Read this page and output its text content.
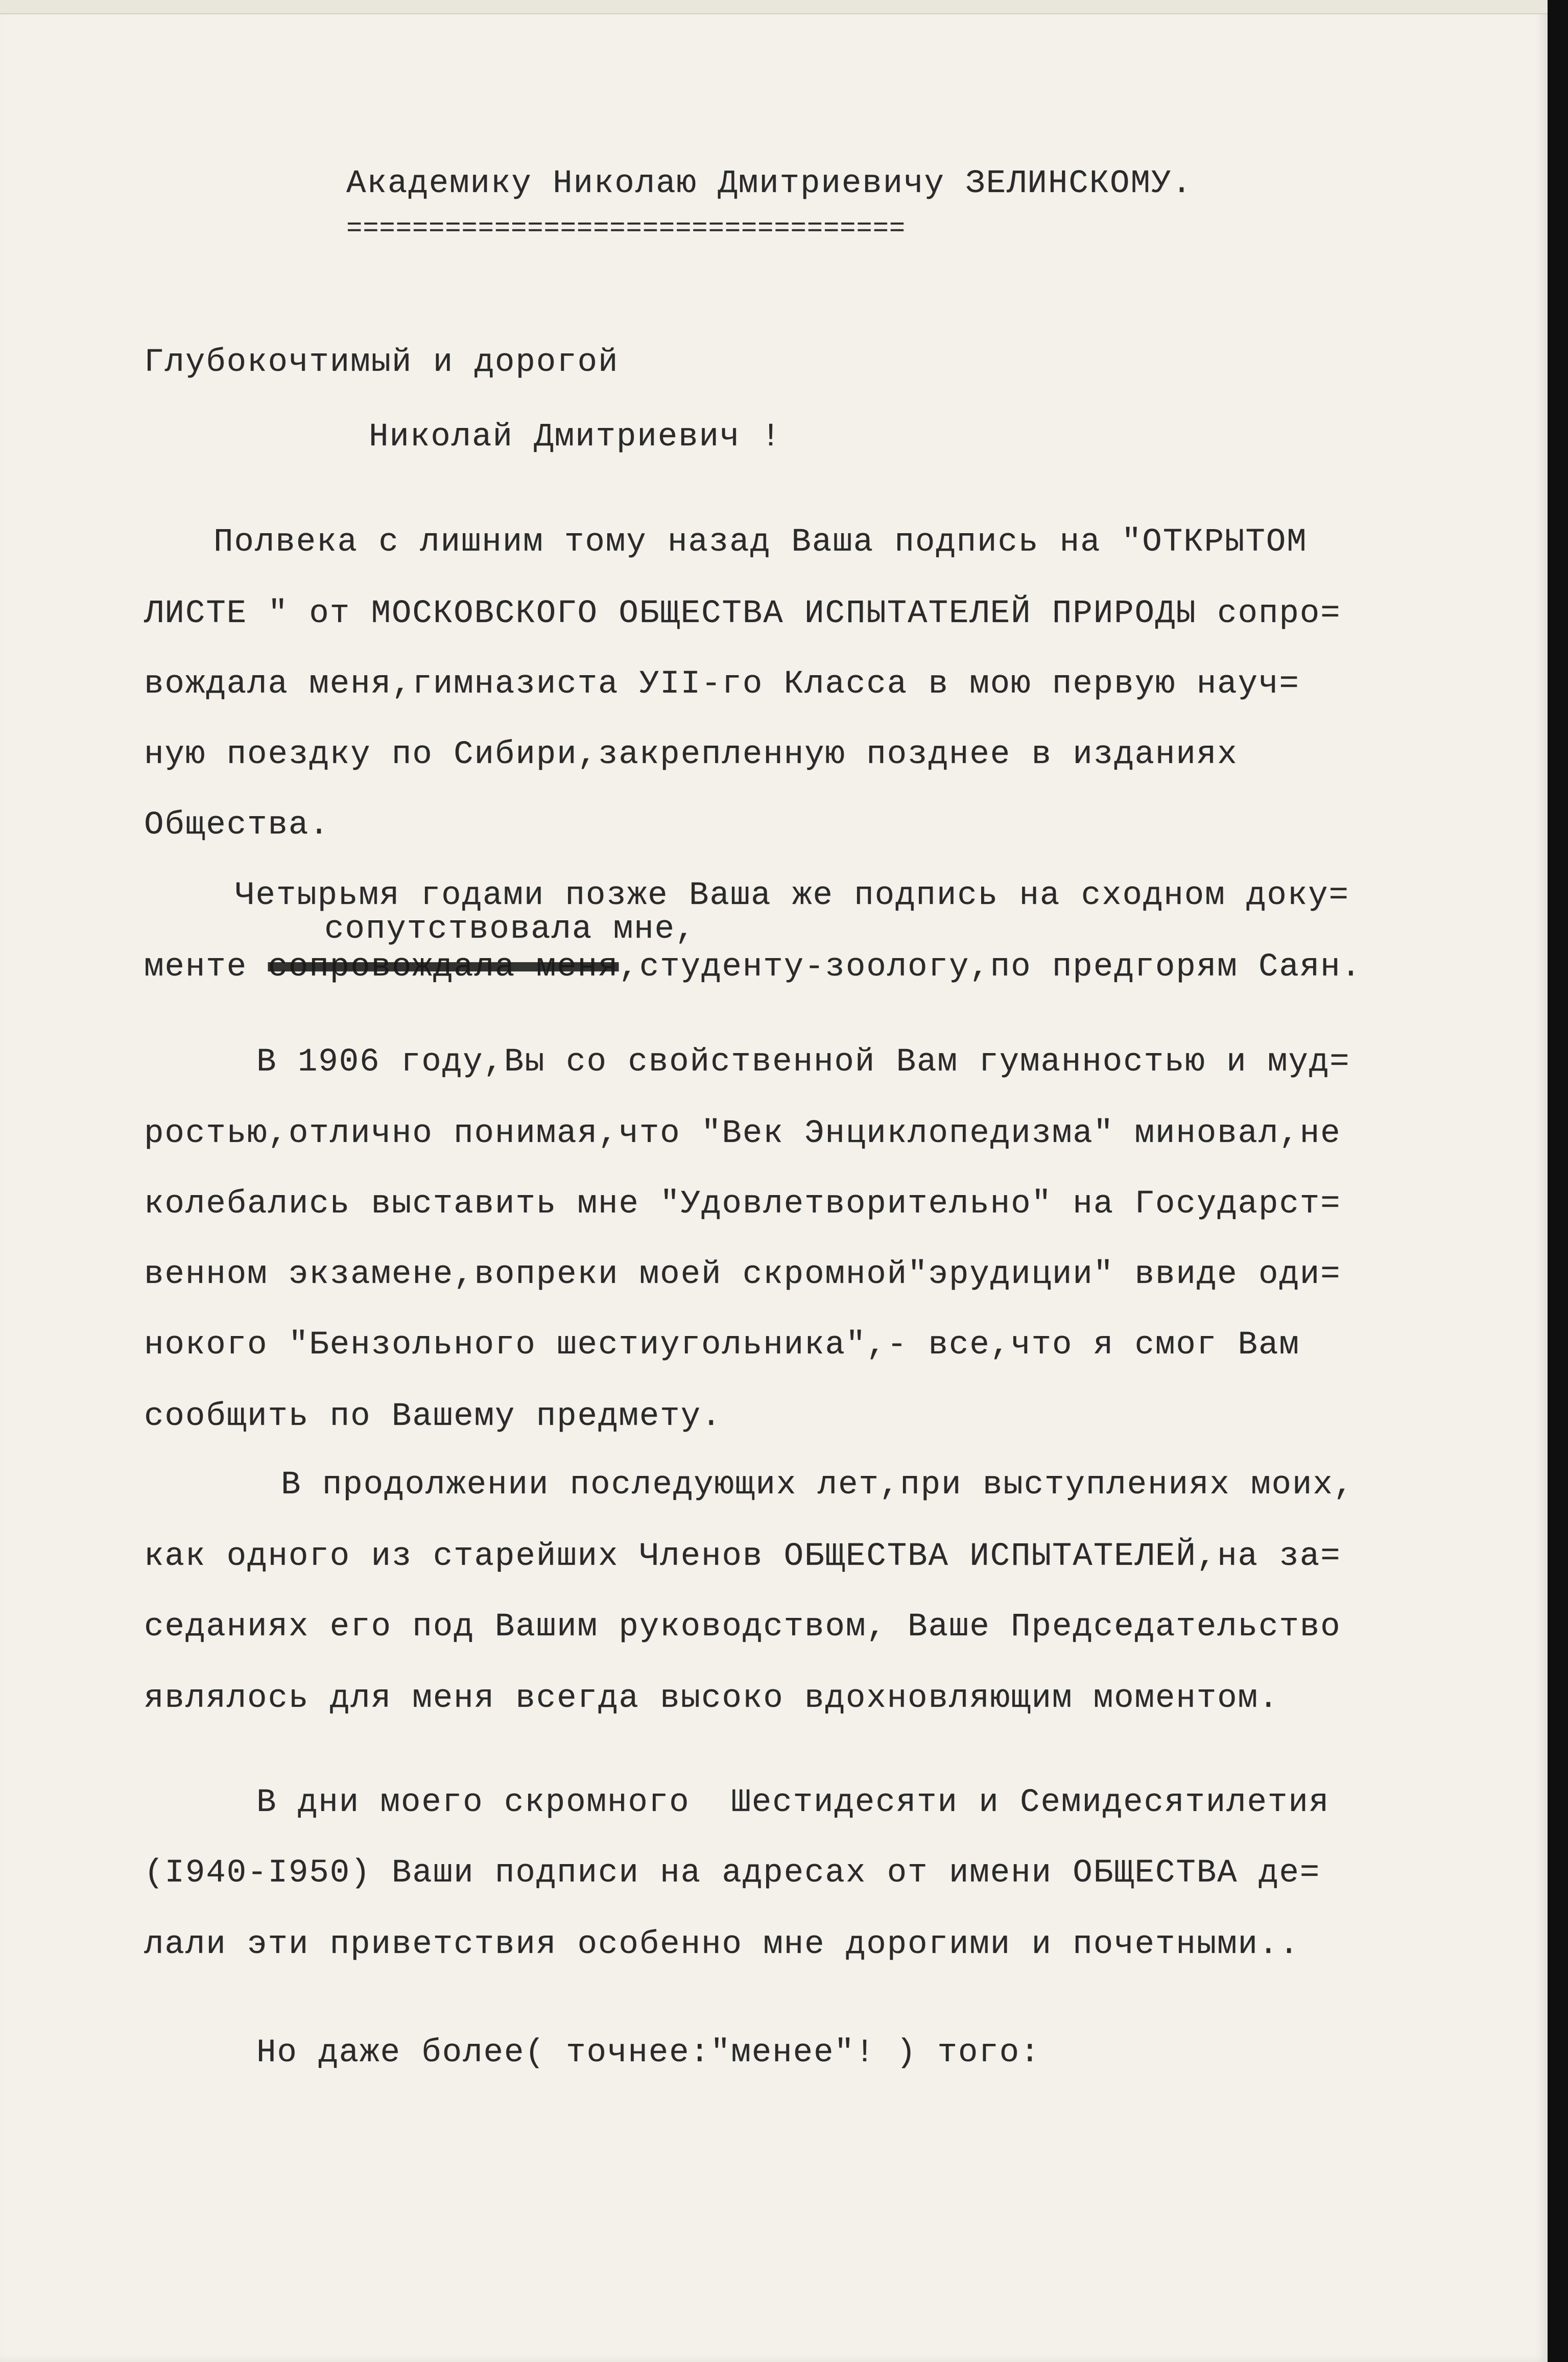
Академику Николаю Дмитриевичу ЗЕЛИНСКОМУ.
==================================
Глубокочтимый и дорогой
Николай Дмитриевич !
Полвека с лишним тому назад Ваша подпись на "ОТКРЫТОМ
ЛИСТЕ " от МОСКОВСКОГО ОБЩЕСТВА ИСПЫТАТЕЛЕЙ ПРИРОДЫ сопро=
вождала меня,гимназиста УII-го Класса в мою первую науч=
ную поездку по Сибири,закрепленную позднее в изданиях
Общества.
Четырьмя годами позже Ваша же подпись на сходном доку=
сопутствовала мне,
менте сопровождала меня,студенту-зоологу,по предгорям Саян.
В 1906 году,Вы со свойственной Вам гуманностью и муд=
ростью,отлично понимая,что "Век Энциклопедизма" миновал,не
колебались выставить мне "Удовлетворительно" на Государст=
венном экзамене,вопреки моей скромной"эрудиции" ввиде оди=
нокого "Бензольного шестиугольника",- все,что я смог Вам
сообщить по Вашему предмету.
В продолжении последующих лет,при выступлениях моих,
как одного из старейших Членов ОБЩЕСТВА ИСПЫТАТЕЛЕЙ,на за=
седаниях его под Вашим руководством, Ваше Председательство
являлось для меня всегда высоко вдохновляющим моментом.
В дни моего скромного  Шестидесяти и Семидесятилетия
(I940-I950) Ваши подписи на адресах от имени ОБЩЕСТВА де=
лали эти приветствия особенно мне дорогими и почетными..
Но даже более( точнее:"менее"! ) того:
